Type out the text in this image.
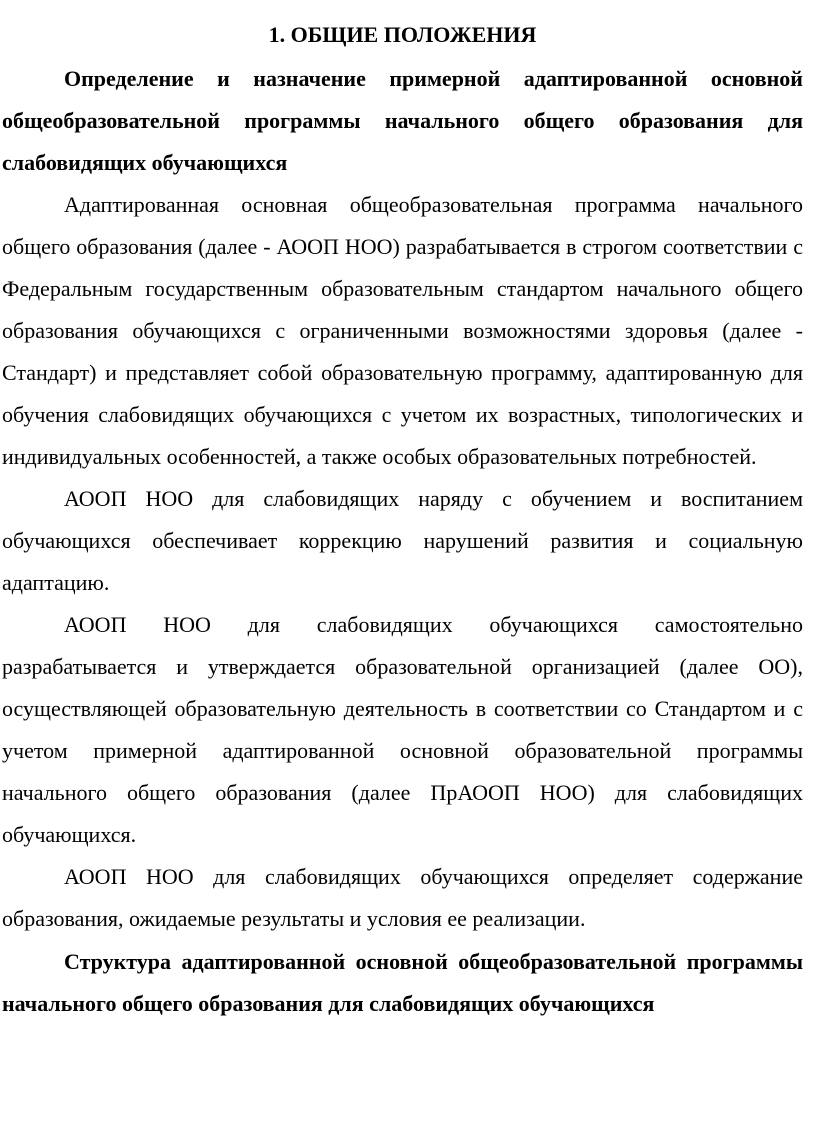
1. ОБЩИЕ ПОЛОЖЕНИЯ

Определение и назначение примерной адаптированной основной общеобразовательной программы начального общего образования для слабовидящих обучающихся

Адаптированная основная общеобразовательная программа начального общего образования (далее - АООП НОО) разрабатывается в строгом соответствии с Федеральным государственным образовательным стандартом начального общего образования обучающихся с ограниченными возможностями здоровья (далее - Стандарт) и представляет собой образовательную программу, адаптированную для обучения слабовидящих обучающихся с учетом их возрастных, типологических и индивидуальных особенностей, а также особых образовательных потребностей.

АООП НОО для слабовидящих наряду с обучением и воспитанием обучающихся обеспечивает коррекцию нарушений развития и социальную адаптацию.

АООП НОО для слабовидящих обучающихся самостоятельно разрабатывается и утверждается образовательной организацией (далее ОО), осуществляющей образовательную деятельность в соответствии со Стандартом и с учетом примерной адаптированной основной образовательной программы начального общего образования (далее ПрАООП НОО) для слабовидящих обучающихся.

АООП НОО для слабовидящих обучающихся определяет содержание образования, ожидаемые результаты и условия ее реализации.

Структура адаптированной основной общеобразовательной программы начального общего образования для слабовидящих обучающихся
